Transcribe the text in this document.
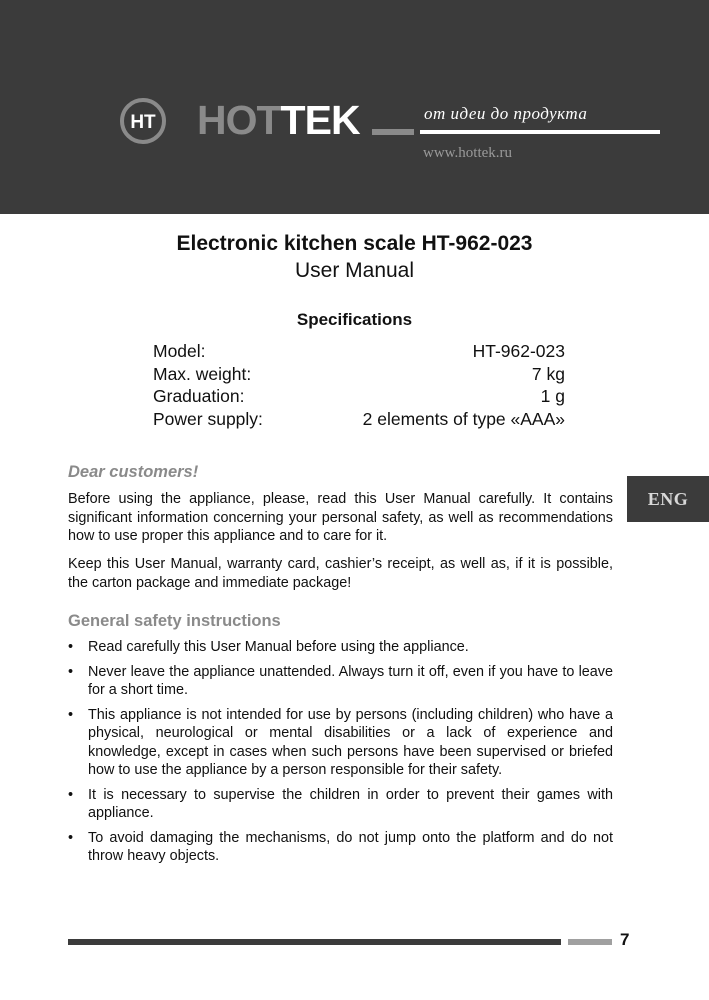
HT HOTTEK	от идеи до продукта
www.hottek.ru
Electronic kitchen scale HT-962-023
User Manual
Specifications
Model:	HT-962-023
Max. weight:	7 kg
Graduation:	1 g
Power supply:	2 elements of type «AAA»
ENG
Dear customers!

Before using the appliance, please, read this User Manual carefully. It contains significant information concerning your personal safety, as well as recommendations how to use proper this appliance and to care for it.

Keep this User Manual, warranty card, cashier’s receipt, as well as, if it is possible, the carton package and immediate package!

General safety instructions
• Read carefully this User Manual before using the appliance.
• Never leave the appliance unattended. Always turn it off, even if you have to leave for a short time.
• This appliance is not intended for use by persons (including children) who have a physical, neurological or mental disabilities or a lack of experience and knowledge, except in cases when such persons have been supervised or briefed how to use the appliance by a person responsible for their safety.
• It is necessary to supervise the children in order to prevent their games with appliance.
• To avoid damaging the mechanisms, do not jump onto the platform and do not throw heavy objects.
7
